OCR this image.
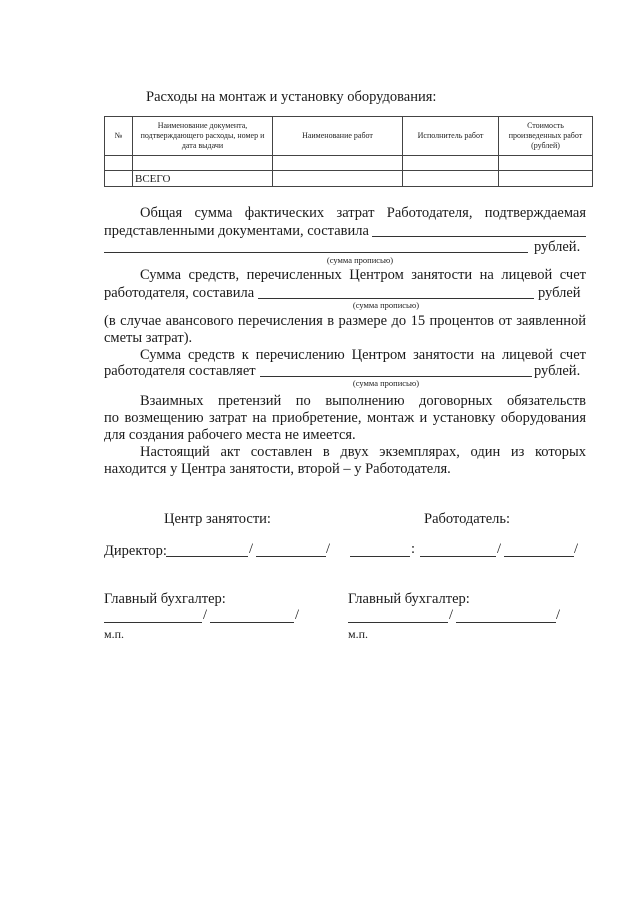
Расходы на монтаж и установку оборудования:
№	Наименование документа, подтверждающего расходы, номер и дата выдачи	Наименование работ	Исполнитель работ	Стоимость произведенных работ (рублей)

	ВСЕГО			
Общая сумма фактических затрат Работодателя, подтверждаемая
представленными документами, составила
рублей.
(сумма прописью)
Сумма средств, перечисленных Центром занятости на лицевой счет
работодателя, составила	рублей
(сумма прописью)
(в случае авансового перечисления в размере до 15 процентов от заявленной
сметы затрат).
Сумма средств к перечислению Центром занятости на лицевой счет
работодателя составляет	рублей.
(сумма прописью)
Взаимных претензий по выполнению договорных обязательств
по возмещению затрат на приобретение, монтаж и установку оборудования
для создания рабочего места не имеется.
Настоящий акт составлен в двух экземплярах, один из которых
находится у Центра занятости, второй – у Работодателя.
Центр занятости:	Работодатель:
Директор:	/	/	:	/	/
Главный бухгалтер:	Главный бухгалтер:
/	/	/	/
м.п.	м.п.
